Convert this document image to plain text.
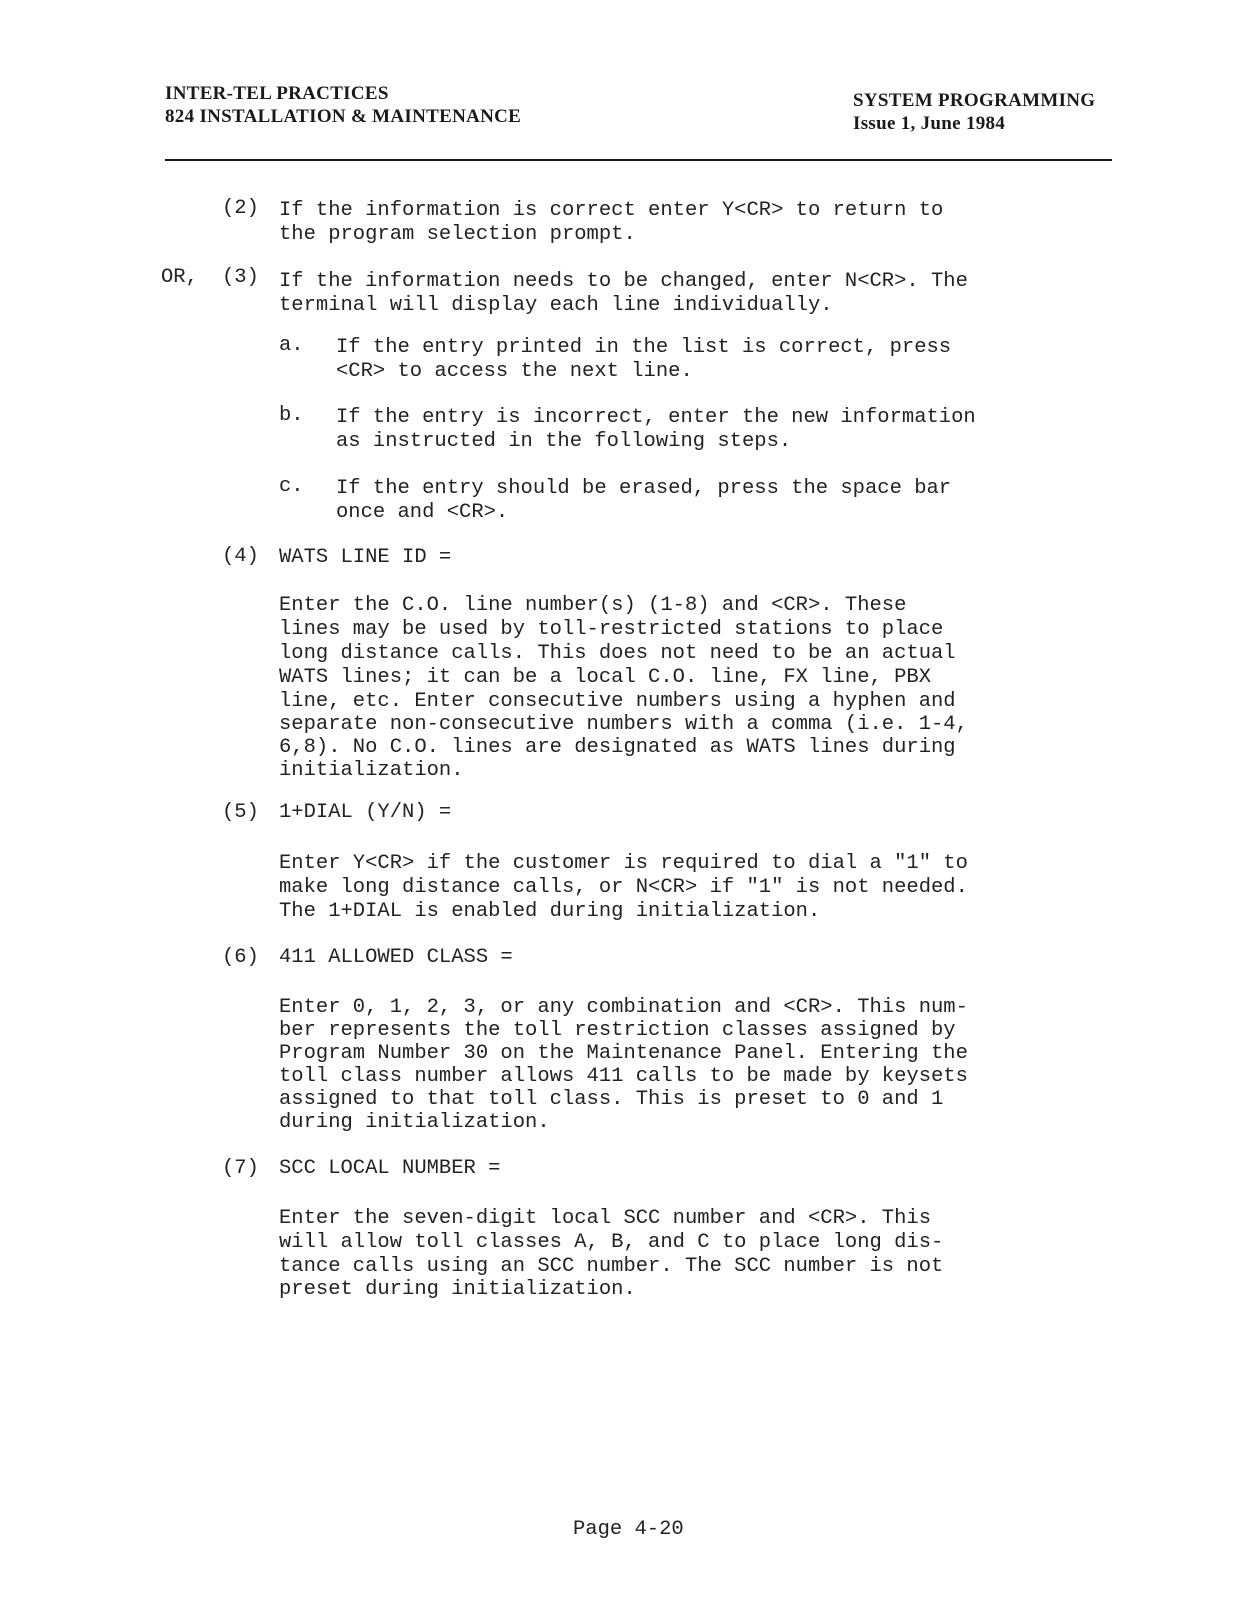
INTER-TEL PRACTICES
824 INSTALLATION & MAINTENANCE
SYSTEM PROGRAMMING
Issue 1, June 1984
(2) If the information is correct enter Y<CR> to return to
the program selection prompt.
OR, (3) If the information needs to be changed, enter N<CR>. The
terminal will display each line individually.
a. If the entry printed in the list is correct, press
<CR> to access the next line.
b. If the entry is incorrect, enter the new information
as instructed in the following steps.
c. If the entry should be erased, press the space bar
once and <CR>.
(4) WATS LINE ID =
Enter the C.O. line number(s) (1-8) and <CR>. These
lines may be used by toll-restricted stations to place
long distance calls. This does not need to be an actual
WATS lines; it can be a local C.O. line, FX line, PBX
line, etc. Enter consecutive numbers using a hyphen and
separate non-consecutive numbers with a comma (i.e. 1-4,
6,8). No C.O. lines are designated as WATS lines during
initialization.
(5) 1+DIAL (Y/N) =
Enter Y<CR> if the customer is required to dial a "1" to
make long distance calls, or N<CR> if "1" is not needed.
The 1+DIAL is enabled during initialization.
(6) 411 ALLOWED CLASS =
Enter 0, 1, 2, 3, or any combination and <CR>. This num-
ber represents the toll restriction classes assigned by
Program Number 30 on the Maintenance Panel. Entering the
toll class number allows 411 calls to be made by keysets
assigned to that toll class. This is preset to 0 and 1
during initialization.
(7) SCC LOCAL NUMBER =
Enter the seven-digit local SCC number and <CR>. This
will allow toll classes A, B, and C to place long dis-
tance calls using an SCC number. The SCC number is not
preset during initialization.
Page 4-20
